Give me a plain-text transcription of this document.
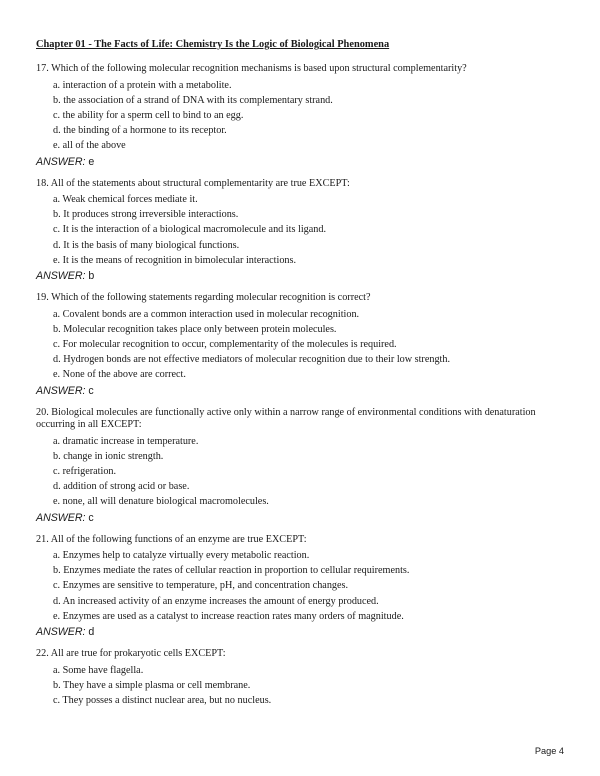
Chapter 01 - The Facts of Life: Chemistry Is the Logic of Biological Phenomena
17. Which of the following molecular recognition mechanisms is based upon structural complementarity?
a. interaction of a protein with a metabolite.
b. the association of a strand of DNA with its complementary strand.
c. the ability for a sperm cell to bind to an egg.
d. the binding of a hormone to its receptor.
e. all of the above
ANSWER: e
18. All of the statements about structural complementarity are true EXCEPT:
a. Weak chemical forces mediate it.
b. It produces strong irreversible interactions.
c. It is the interaction of a biological macromolecule and its ligand.
d. It is the basis of many biological functions.
e. It is the means of recognition in bimolecular interactions.
ANSWER: b
19. Which of the following statements regarding molecular recognition is correct?
a. Covalent bonds are a common interaction used in molecular recognition.
b. Molecular recognition takes place only between protein molecules.
c. For molecular recognition to occur, complementarity of the molecules is required.
d. Hydrogen bonds are not effective mediators of molecular recognition due to their low strength.
e. None of the above are correct.
ANSWER: c
20. Biological molecules are functionally active only within a narrow range of environmental conditions with denaturation occurring in all EXCEPT:
a. dramatic increase in temperature.
b. change in ionic strength.
c. refrigeration.
d. addition of strong acid or base.
e. none, all will denature biological macromolecules.
ANSWER: c
21. All of the following functions of an enzyme are true EXCEPT:
a. Enzymes help to catalyze virtually every metabolic reaction.
b. Enzymes mediate the rates of cellular reaction in proportion to cellular requirements.
c. Enzymes are sensitive to temperature, pH, and concentration changes.
d. An increased activity of an enzyme increases the amount of energy produced.
e. Enzymes are used as a catalyst to increase reaction rates many orders of magnitude.
ANSWER: d
22. All are true for prokaryotic cells EXCEPT:
a. Some have flagella.
b. They have a simple plasma or cell membrane.
c. They posses a distinct nuclear area, but no nucleus.
Page 4
